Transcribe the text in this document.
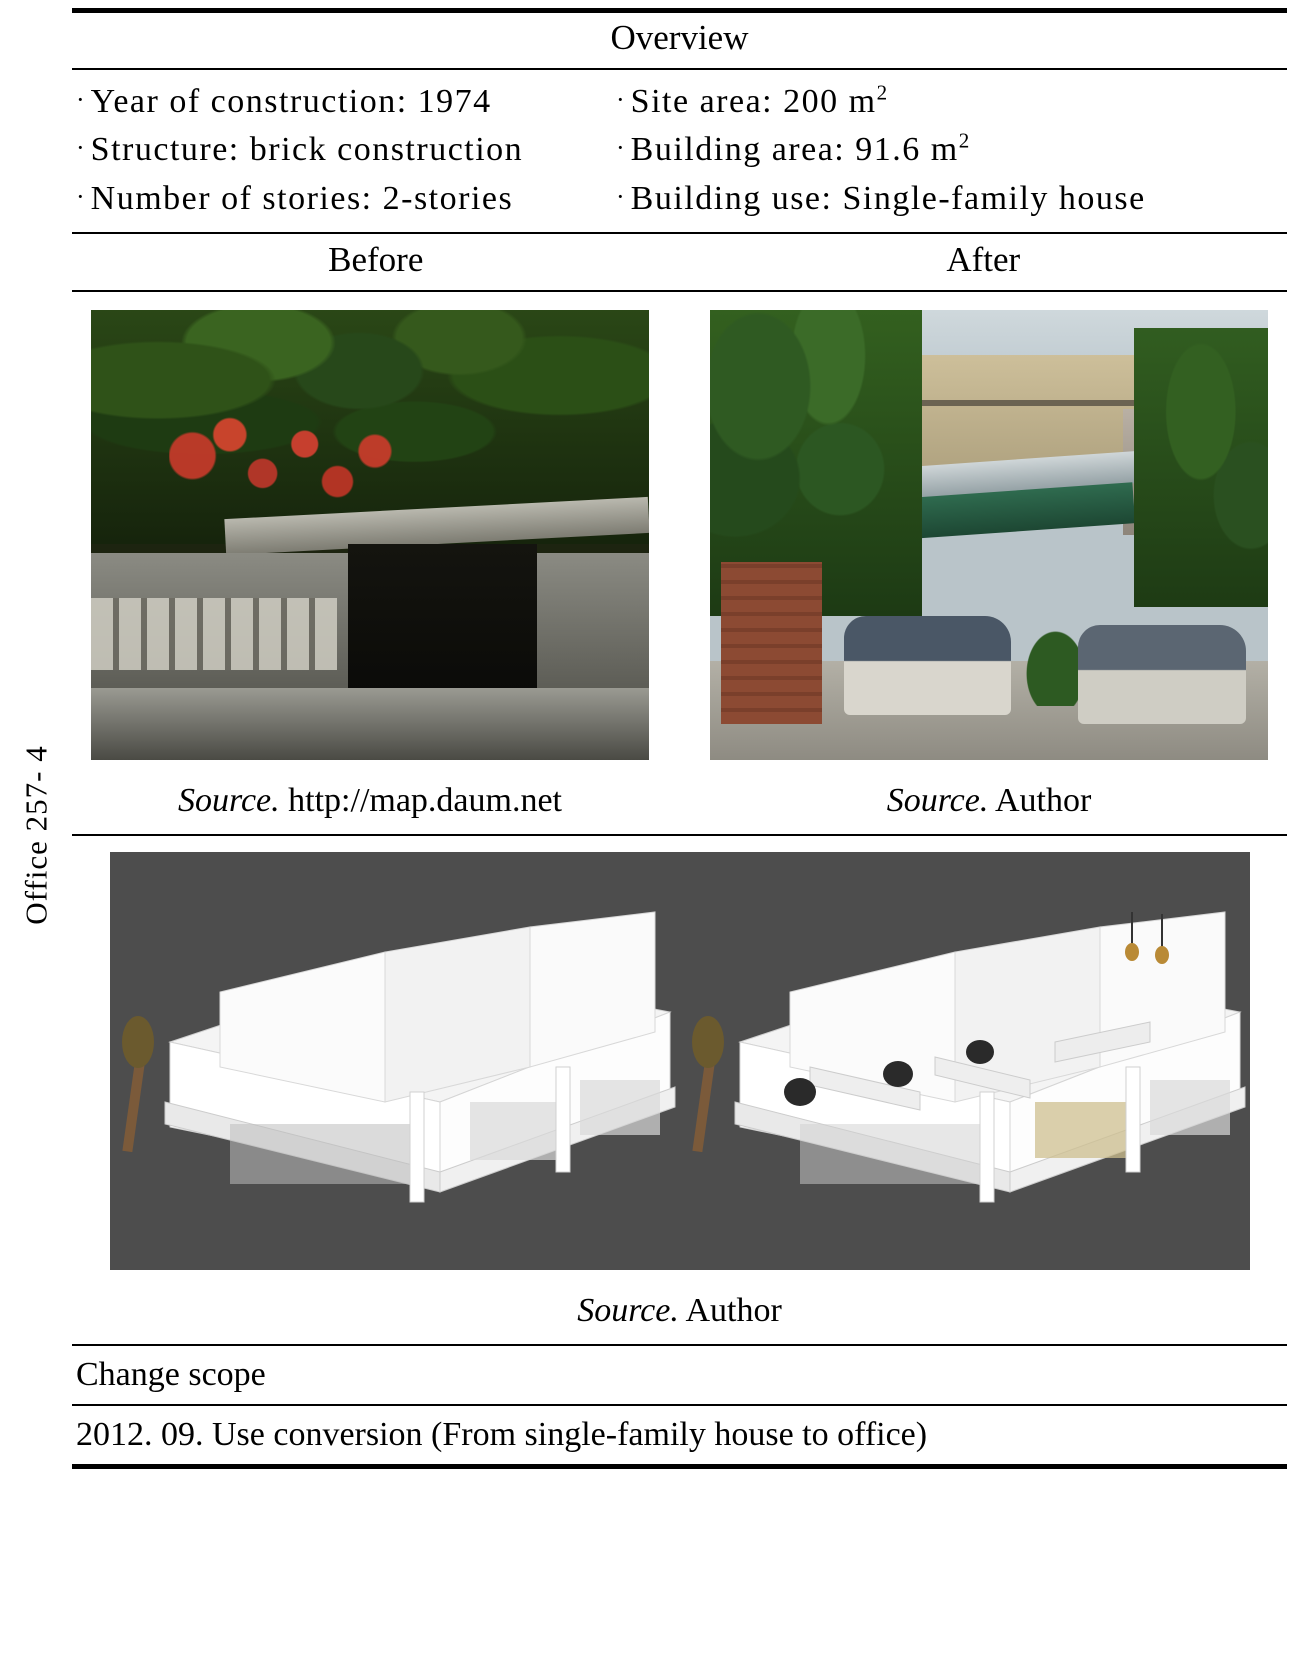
Office 257- 4
Overview
· Year of construction: 1974	· Site area: 200 $m^2$
· Structure: brick construction	· Building area: 91.6 $m^2$
· Number of stories: 2-stories	· Building use: Single-family house
Before	After
Source. http://map.daum.net	Source. Author
Source. Author
Change scope
2012. 09. Use conversion (From single-family house to office)
